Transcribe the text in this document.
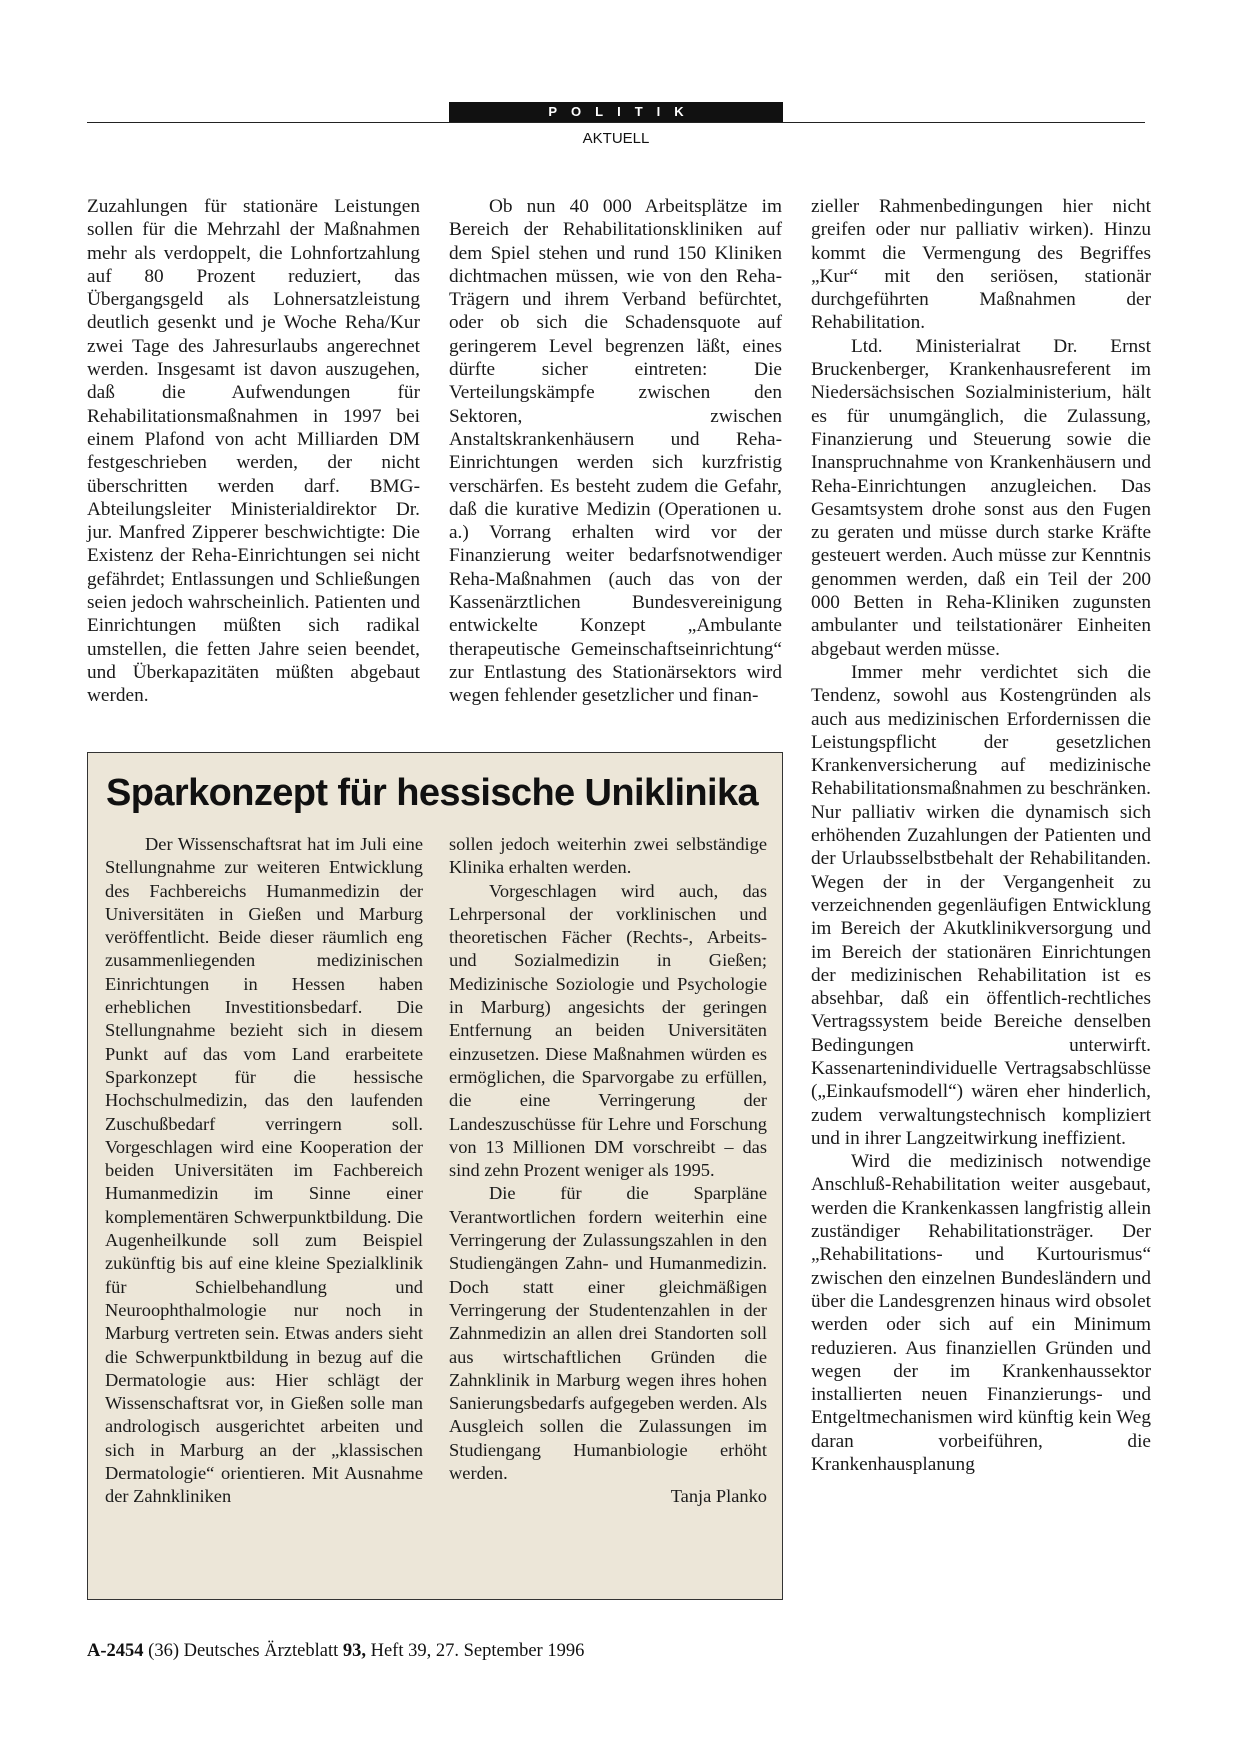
POLITIK
AKTUELL

Zuzahlungen für stationäre Leistungen sollen für die Mehrzahl der Maßnahmen mehr als verdoppelt, die Lohnfortzahlung auf 80 Prozent reduziert, das Übergangsgeld als Lohnersatzleistung deutlich gesenkt und je Woche Reha/Kur zwei Tage des Jahresurlaubs angerechnet werden. Insgesamt ist davon auszugehen, daß die Aufwendungen für Rehabilitationsmaßnahmen in 1997 bei einem Plafond von acht Milliarden DM festgeschrieben werden, der nicht überschritten werden darf. BMG-Abteilungsleiter Ministerialdirektor Dr. jur. Manfred Zipperer beschwichtigte: Die Existenz der Reha-Einrichtungen sei nicht gefährdet; Entlassungen und Schließungen seien jedoch wahrscheinlich. Patienten und Einrichtungen müßten sich radikal umstellen, die fetten Jahre seien beendet, und Überkapazitäten müßten abgebaut werden.

Ob nun 40 000 Arbeitsplätze im Bereich der Rehabilitationskliniken auf dem Spiel stehen und rund 150 Kliniken dichtmachen müssen, wie von den Reha-Trägern und ihrem Verband befürchtet, oder ob sich die Schadensquote auf geringerem Level begrenzen läßt, eines dürfte sicher eintreten: Die Verteilungskämpfe zwischen den Sektoren, zwischen Anstaltskrankenhäusern und Reha-Einrichtungen werden sich kurzfristig verschärfen. Es besteht zudem die Gefahr, daß die kurative Medizin (Operationen u. a.) Vorrang erhalten wird vor der Finanzierung weiter bedarfsnotwendiger Reha-Maßnahmen (auch das von der Kassenärztlichen Bundesvereinigung entwickelte Konzept „Ambulante therapeutische Gemeinschaftseinrichtung“ zur Entlastung des Stationärsektors wird wegen fehlender gesetzlicher und finan-

zieller Rahmenbedingungen hier nicht greifen oder nur palliativ wirken). Hinzu kommt die Vermengung des Begriffes „Kur“ mit den seriösen, stationär durchgeführten Maßnahmen der Rehabilitation.

Ltd. Ministerialrat Dr. Ernst Bruckenberger, Krankenhausreferent im Niedersächsischen Sozialministerium, hält es für unumgänglich, die Zulassung, Finanzierung und Steuerung sowie die Inanspruchnahme von Krankenhäusern und Reha-Einrichtungen anzugleichen. Das Gesamtsystem drohe sonst aus den Fugen zu geraten und müsse durch starke Kräfte gesteuert werden. Auch müsse zur Kenntnis genommen werden, daß ein Teil der 200 000 Betten in Reha-Kliniken zugunsten ambulanter und teilstationärer Einheiten abgebaut werden müsse.

Immer mehr verdichtet sich die Tendenz, sowohl aus Kostengründen als auch aus medizinischen Erfordernissen die Leistungspflicht der gesetzlichen Krankenversicherung auf medizinische Rehabilitationsmaßnahmen zu beschränken. Nur palliativ wirken die dynamisch sich erhöhenden Zuzahlungen der Patienten und der Urlaubsselbstbehalt der Rehabilitanden. Wegen der in der Vergangenheit zu verzeichnenden gegenläufigen Entwicklung im Bereich der Akutklinikversorgung und im Bereich der stationären Einrichtungen der medizinischen Rehabilitation ist es absehbar, daß ein öffentlich-rechtliches Vertragssystem beide Bereiche denselben Bedingungen unterwirft. Kassenartenindividuelle Vertragsabschlüsse („Einkaufsmodell“) wären eher hinderlich, zudem verwaltungstechnisch kompliziert und in ihrer Langzeitwirkung ineffizient.

Wird die medizinisch notwendige Anschluß-Rehabilitation weiter ausgebaut, werden die Krankenkassen langfristig allein zuständiger Rehabilitationsträger. Der „Rehabilitations- und Kurtourismus“ zwischen den einzelnen Bundesländern und über die Landesgrenzen hinaus wird obsolet werden oder sich auf ein Minimum reduzieren. Aus finanziellen Gründen und wegen der im Krankenhaussektor installierten neuen Finanzierungs- und Entgeltmechanismen wird künftig kein Weg daran vorbeiführen, die Krankenhausplanung

Sparkonzept für hessische Uniklinika

Der Wissenschaftsrat hat im Juli eine Stellungnahme zur weiteren Entwicklung des Fachbereichs Humanmedizin der Universitäten in Gießen und Marburg veröffentlicht. Beide dieser räumlich eng zusammenliegenden medizinischen Einrichtungen in Hessen haben erheblichen Investitionsbedarf. Die Stellungnahme bezieht sich in diesem Punkt auf das vom Land erarbeitete Sparkonzept für die hessische Hochschulmedizin, das den laufenden Zuschußbedarf verringern soll. Vorgeschlagen wird eine Kooperation der beiden Universitäten im Fachbereich Humanmedizin im Sinne einer komplementären Schwerpunktbildung. Die Augenheilkunde soll zum Beispiel zukünftig bis auf eine kleine Spezialklinik für Schielbehandlung und Neuroophthalmologie nur noch in Marburg vertreten sein. Etwas anders sieht die Schwerpunktbildung in bezug auf die Dermatologie aus: Hier schlägt der Wissenschaftsrat vor, in Gießen solle man andrologisch ausgerichtet arbeiten und sich in Marburg an der „klassischen Dermatologie“ orientieren. Mit Ausnahme der Zahnkliniken

sollen jedoch weiterhin zwei selbständige Klinika erhalten werden.

Vorgeschlagen wird auch, das Lehrpersonal der vorklinischen und theoretischen Fächer (Rechts-, Arbeits- und Sozialmedizin in Gießen; Medizinische Soziologie und Psychologie in Marburg) angesichts der geringen Entfernung an beiden Universitäten einzusetzen. Diese Maßnahmen würden es ermöglichen, die Sparvorgabe zu erfüllen, die eine Verringerung der Landeszuschüsse für Lehre und Forschung von 13 Millionen DM vorschreibt – das sind zehn Prozent weniger als 1995.

Die für die Sparpläne Verantwortlichen fordern weiterhin eine Verringerung der Zulassungszahlen in den Studiengängen Zahn- und Humanmedizin. Doch statt einer gleichmäßigen Verringerung der Studentenzahlen in der Zahnmedizin an allen drei Standorten soll aus wirtschaftlichen Gründen die Zahnklinik in Marburg wegen ihres hohen Sanierungsbedarfs aufgegeben werden. Als Ausgleich sollen die Zulassungen im Studiengang Humanbiologie erhöht werden.

Tanja Planko

A-2454 (36) Deutsches Ärzteblatt 93, Heft 39, 27. September 1996
